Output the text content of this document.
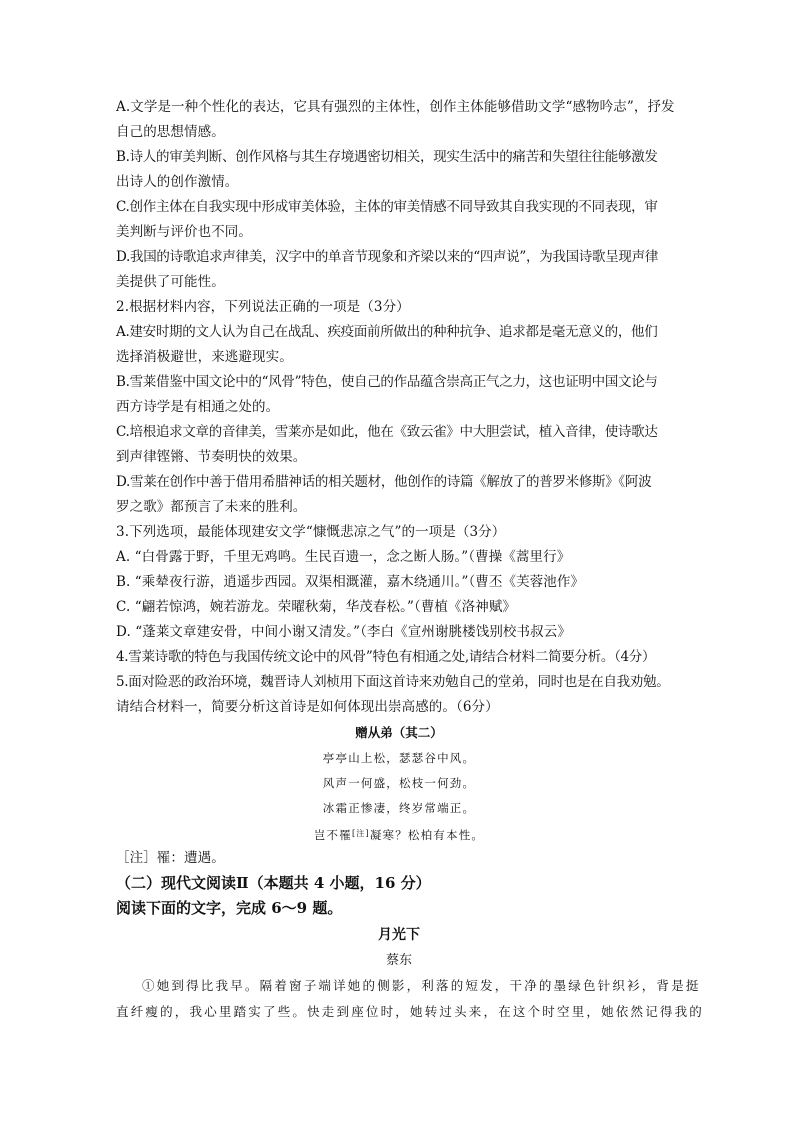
A.文学是一种个性化的表达，它具有强烈的主体性，创作主体能够借助文学“感物吟志”，抒发
自己的思想情感。
B.诗人的审美判断、创作风格与其生存境遇密切相关，现实生活中的痛苦和失望往往能够激发
出诗人的创作激情。
C.创作主体在自我实现中形成审美体验，主体的审美情感不同导致其自我实现的不同表现，审
美判断与评价也不同。
D.我国的诗歌追求声律美，汉字中的单音节现象和齐梁以来的“四声说”，为我国诗歌呈现声律
美提供了可能性。
2.根据材料内容，下列说法正确的一项是（3分）
A.建安时期的文人认为自己在战乱、疾疫面前所做出的种种抗争、追求都是毫无意义的，他们
选择消极避世，来逃避现实。
B.雪莱借鉴中国文论中的“风骨”特色，使自己的作品蕴含崇高正气之力，这也证明中国文论与
西方诗学是有相通之处的。
C.培根追求文章的音律美，雪莱亦是如此，他在《致云雀》中大胆尝试，植入音律，使诗歌达
到声律铿锵、节奏明快的效果。
D.雪莱在创作中善于借用希腊神话的相关题材，他创作的诗篇《解放了的普罗米修斯》《阿波
罗之歌》都预言了未来的胜利。
3.下列选项，最能体现建安文学“慷慨悲凉之气”的一项是（3分）
A. “白骨露于野，千里无鸡鸣。生民百遗一，念之断人肠。”（曹操《蒿里行》
B. “乘辇夜行游，逍遥步西园。双渠相溉灌，嘉木绕通川。”（曹丕《芙蓉池作》
C. “翩若惊鸿，婉若游龙。荣曜秋菊，华茂春松。”（曹植《洛神赋》
D. “蓬莱文章建安骨，中间小谢又清发。”（李白《宣州谢朓楼饯别校书叔云》
4.雪莱诗歌的特色与我国传统文论中的风骨”特色有相通之处,请结合材料二简要分析。（4分）
5.面对险恶的政治环境，魏晋诗人刘桢用下面这首诗来劝勉自己的堂弟，同时也是在自我劝勉。
请结合材料一，简要分析这首诗是如何体现出崇高感的。（6分）
赠从弟（其二）
亭亭山上松，瑟瑟谷中风。
风声一何盛，松枝一何劲。
冰霜正惨凄，终岁常端正。
岂不罹[注]凝寒？松柏有本性。
［注］罹：遭遇。
（二）现代文阅读Ⅱ（本题共 4 小题，16 分）
阅读下面的文字，完成 6～9 题。
月光下
蔡东
①她到得比我早。隔着窗子端详她的侧影，利落的短发，干净的墨绿色针织衫，背是挺
直纤瘦的，我心里踏实了些。快走到座位时，她转过头来，在这个时空里，她依然记得我的
